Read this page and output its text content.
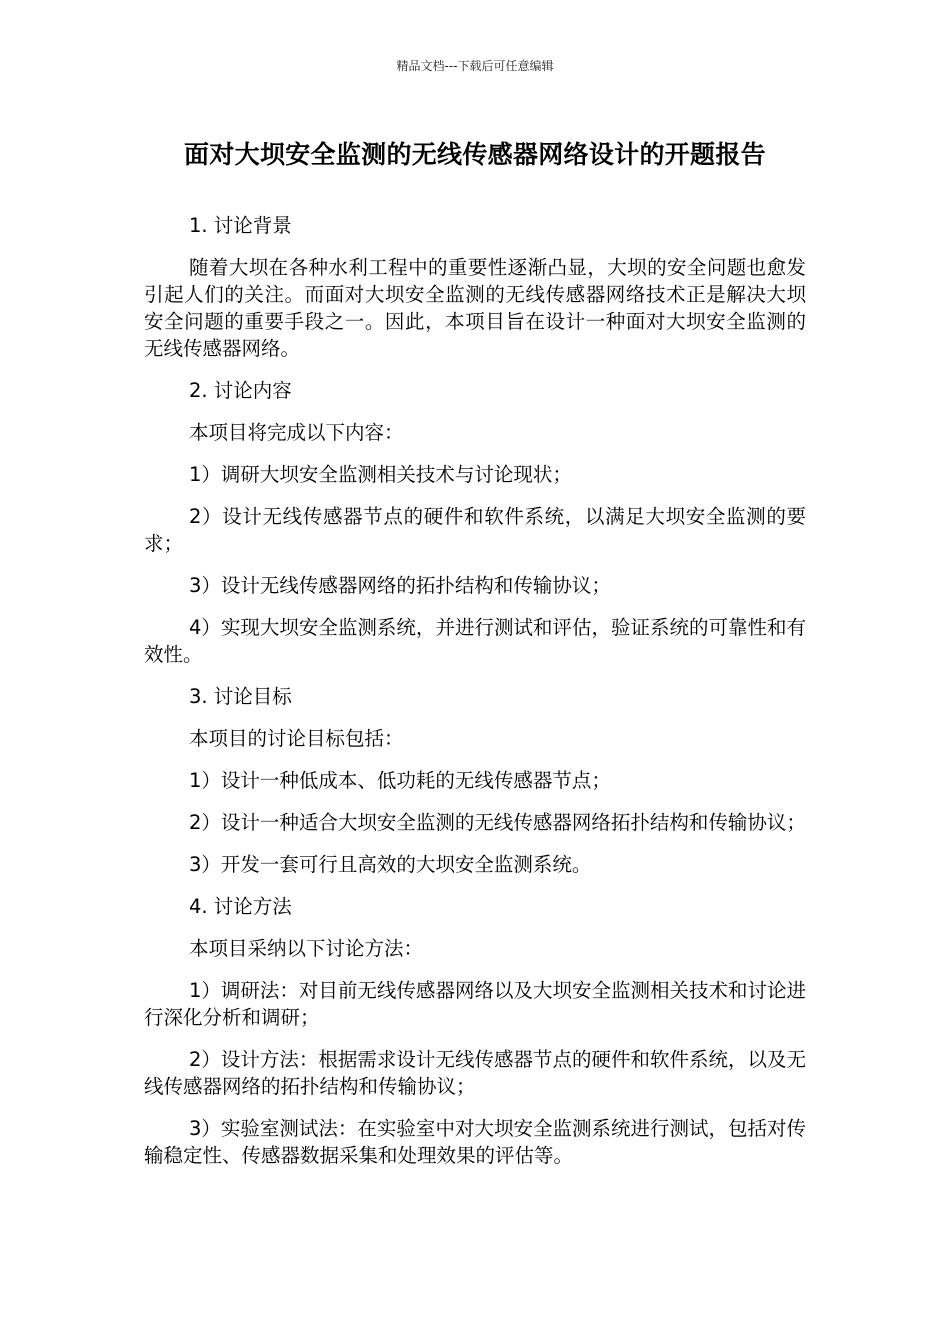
精品文档---下载后可任意编辑
面对大坝安全监测的无线传感器网络设计的开题报告

1. 讨论背景

随着大坝在各种水利工程中的重要性逐渐凸显，大坝的安全问题也愈发引起人们的关注。而面对大坝安全监测的无线传感器网络技术正是解决大坝安全问题的重要手段之一。因此，本项目旨在设计一种面对大坝安全监测的无线传感器网络。

2. 讨论内容

本项目将完成以下内容：

1）调研大坝安全监测相关技术与讨论现状；

2）设计无线传感器节点的硬件和软件系统，以满足大坝安全监测的要求；

3）设计无线传感器网络的拓扑结构和传输协议；

4）实现大坝安全监测系统，并进行测试和评估，验证系统的可靠性和有效性。

3. 讨论目标

本项目的讨论目标包括：

1）设计一种低成本、低功耗的无线传感器节点；

2）设计一种适合大坝安全监测的无线传感器网络拓扑结构和传输协议；

3）开发一套可行且高效的大坝安全监测系统。

4. 讨论方法

本项目采纳以下讨论方法：

1）调研法：对目前无线传感器网络以及大坝安全监测相关技术和讨论进行深化分析和调研；

2）设计方法：根据需求设计无线传感器节点的硬件和软件系统，以及无线传感器网络的拓扑结构和传输协议；

3）实验室测试法：在实验室中对大坝安全监测系统进行测试，包括对传输稳定性、传感器数据采集和处理效果的评估等。
